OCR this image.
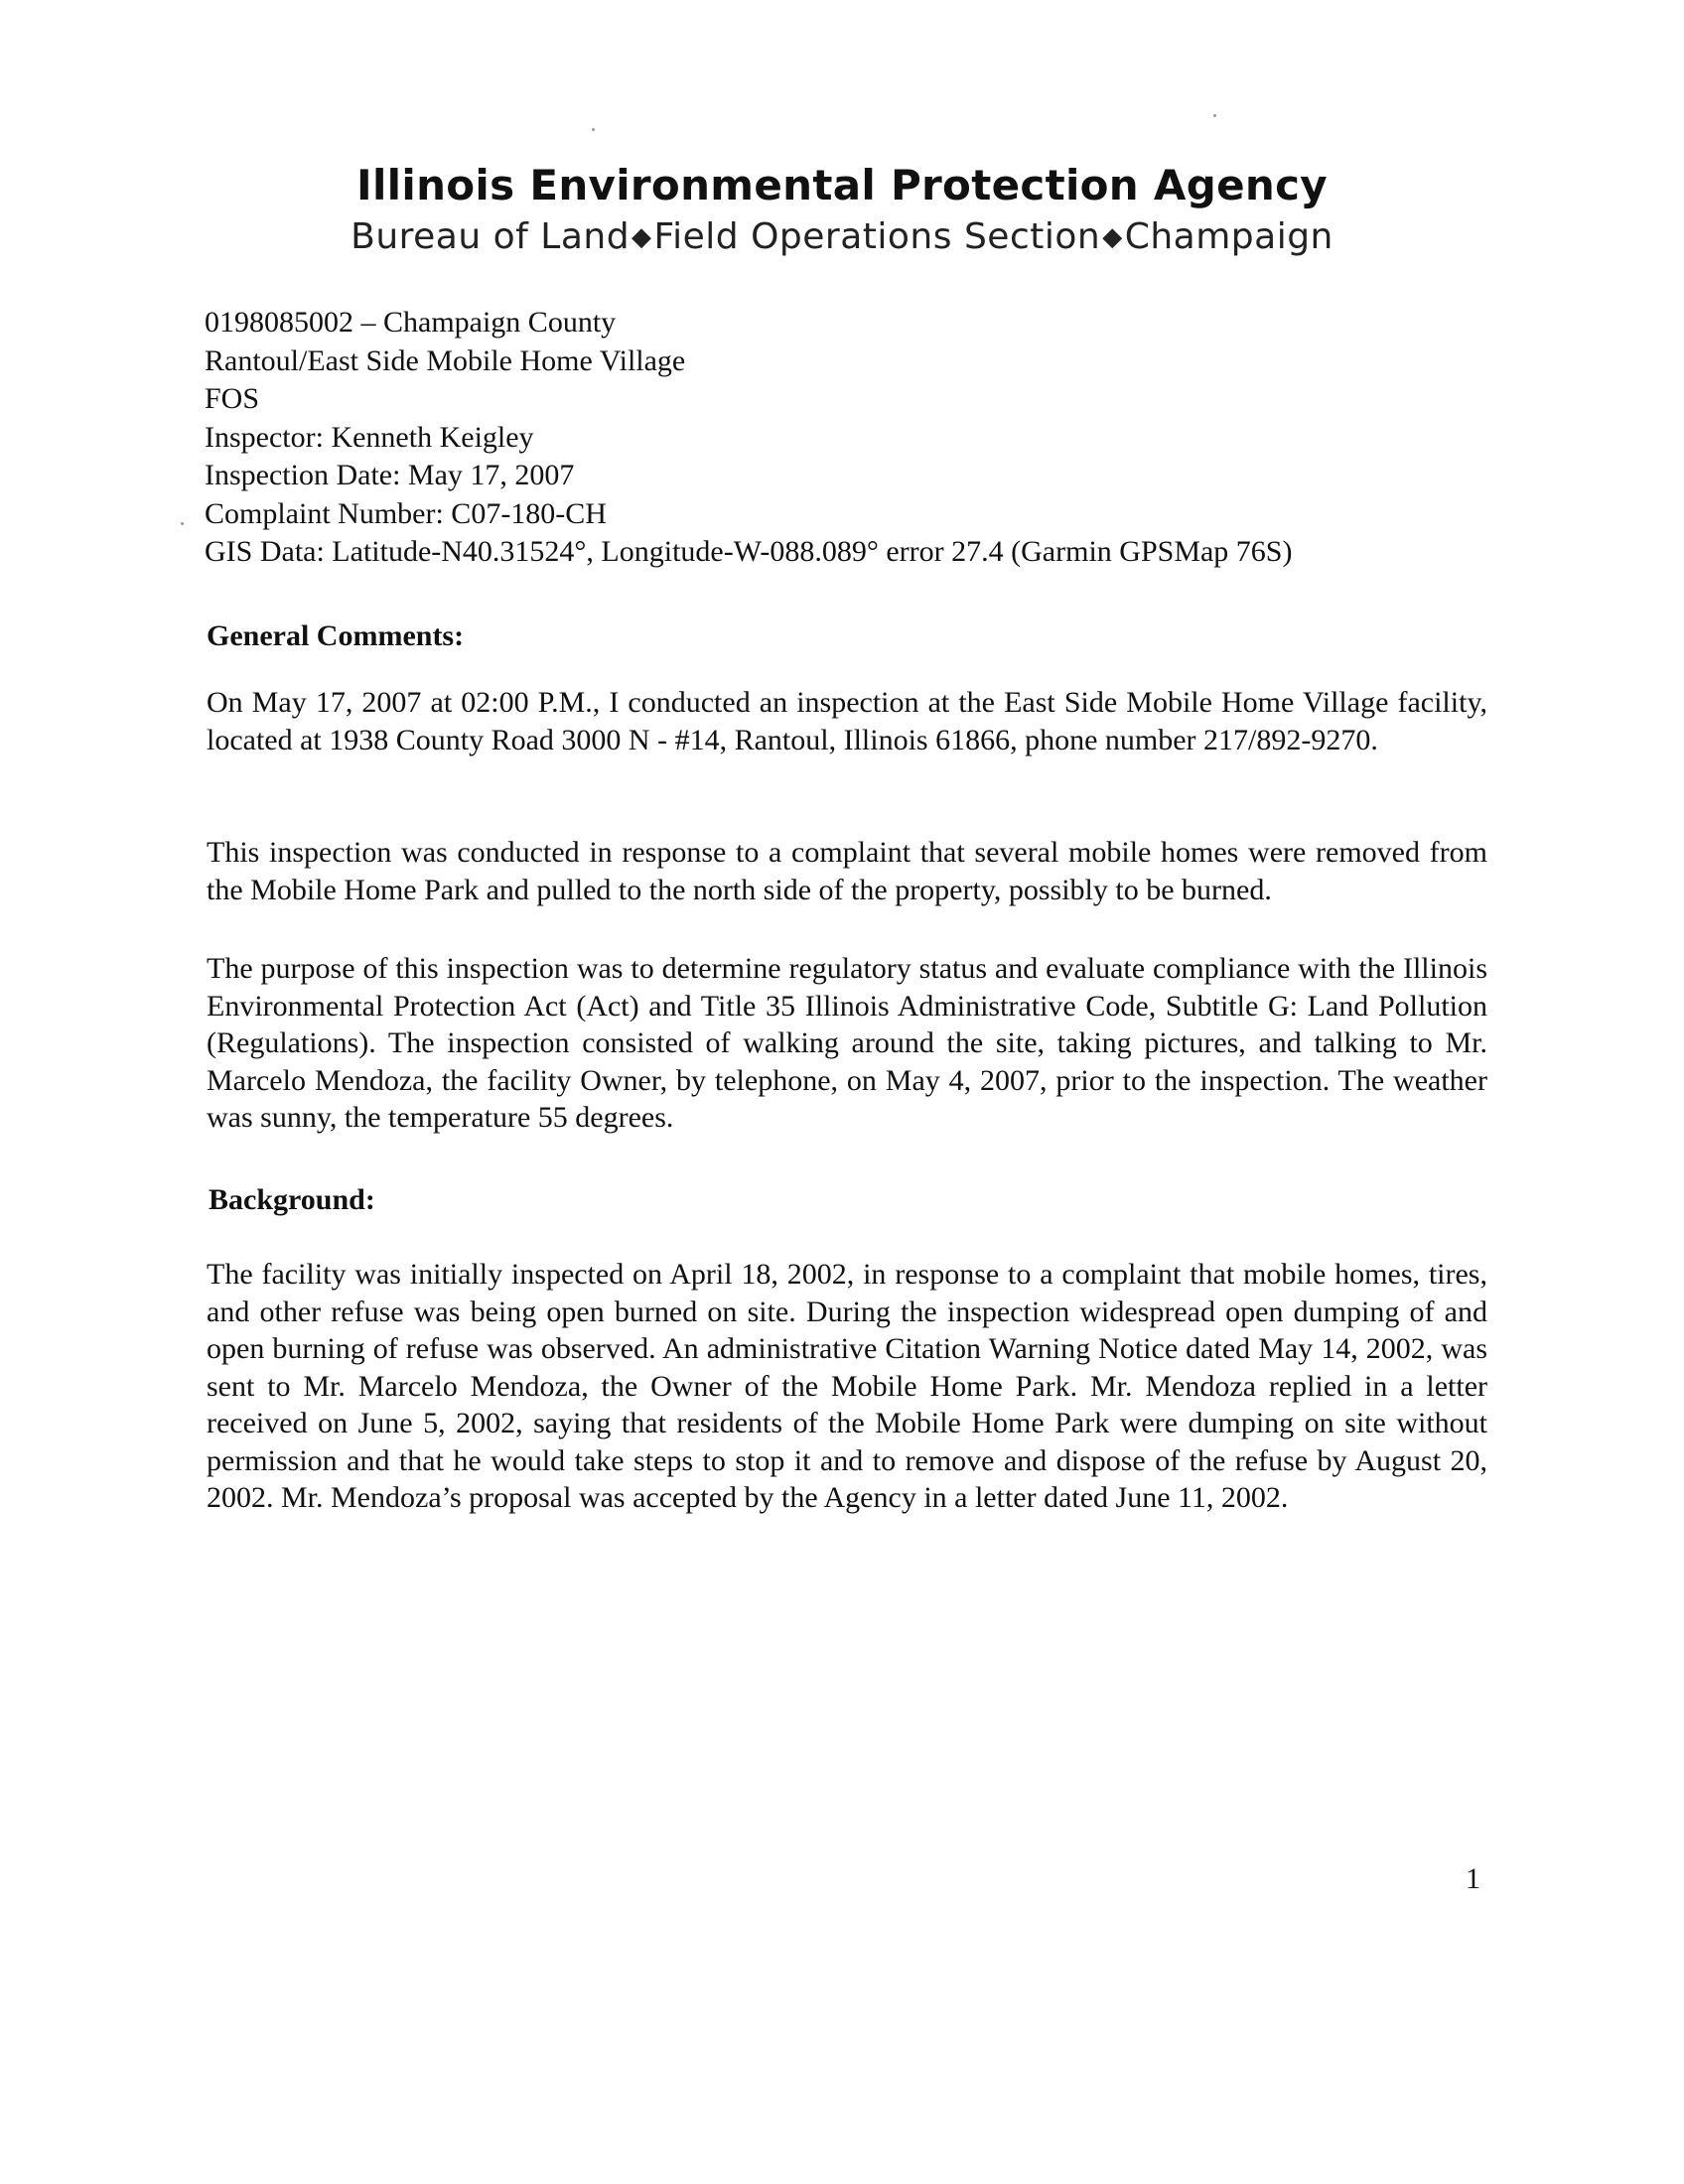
Illinois Environmental Protection Agency
Bureau of Land◆Field Operations Section◆Champaign
0198085002 – Champaign County
Rantoul/East Side Mobile Home Village
FOS
Inspector: Kenneth Keigley
Inspection Date: May 17, 2007
Complaint Number: C07-180-CH
GIS Data: Latitude-N40.31524°, Longitude-W-088.089° error 27.4 (Garmin GPSMap 76S)
General Comments:

On May 17, 2007 at 02:00 P.M., I conducted an inspection at the East Side Mobile Home Village facility, located at 1938 County Road 3000 N - #14, Rantoul, Illinois 61866, phone number 217/892-9270.

This inspection was conducted in response to a complaint that several mobile homes were removed from the Mobile Home Park and pulled to the north side of the property, possibly to be burned.

The purpose of this inspection was to determine regulatory status and evaluate compliance with the Illinois Environmental Protection Act (Act) and Title 35 Illinois Administrative Code, Subtitle G: Land Pollution (Regulations). The inspection consisted of walking around the site, taking pictures, and talking to Mr. Marcelo Mendoza, the facility Owner, by telephone, on May 4, 2007, prior to the inspection. The weather was sunny, the temperature 55 degrees.

Background:

The facility was initially inspected on April 18, 2002, in response to a complaint that mobile homes, tires, and other refuse was being open burned on site. During the inspection widespread open dumping of and open burning of refuse was observed. An administrative Citation Warning Notice dated May 14, 2002, was sent to Mr. Marcelo Mendoza, the Owner of the Mobile Home Park. Mr. Mendoza replied in a letter received on June 5, 2002, saying that residents of the Mobile Home Park were dumping on site without permission and that he would take steps to stop it and to remove and dispose of the refuse by August 20, 2002. Mr. Mendoza’s proposal was accepted by the Agency in a letter dated June 11, 2002.

1
